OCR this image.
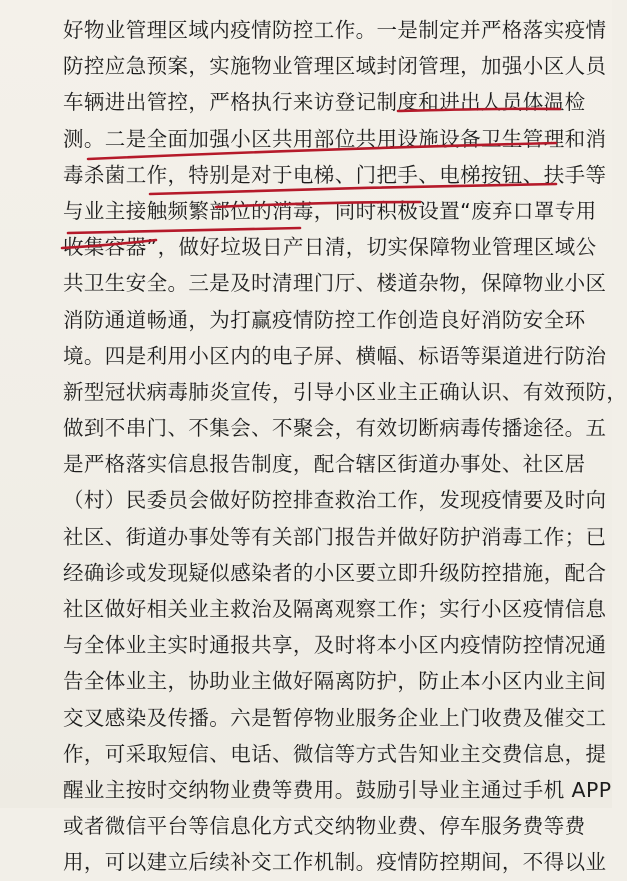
好物业管理区域内疫情防控工作。一是制定并严格落实疫情
防控应急预案，实施物业管理区域封闭管理，加强小区人员
车辆进出管控，严格执行来访登记制度和进出人员体温检
测。二是全面加强小区共用部位共用设施设备卫生管理和消
毒杀菌工作，特别是对于电梯、门把手、电梯按钮、扶手等
与业主接触频繁部位的消毒，同时积极设置“废弃口罩专用
收集容器”，做好垃圾日产日清，切实保障物业管理区域公
共卫生安全。三是及时清理门厅、楼道杂物，保障物业小区
消防通道畅通，为打赢疫情防控工作创造良好消防安全环
境。四是利用小区内的电子屏、横幅、标语等渠道进行防治
新型冠状病毒肺炎宣传，引导小区业主正确认识、有效预防，
做到不串门、不集会、不聚会，有效切断病毒传播途径。五
是严格落实信息报告制度，配合辖区街道办事处、社区居
（村）民委员会做好防控排查救治工作，发现疫情要及时向
社区、街道办事处等有关部门报告并做好防护消毒工作；已
经确诊或发现疑似感染者的小区要立即升级防控措施，配合
社区做好相关业主救治及隔离观察工作；实行小区疫情信息
与全体业主实时通报共享，及时将本小区内疫情防控情况通
告全体业主，协助业主做好隔离防护，防止本小区内业主间
交叉感染及传播。六是暂停物业服务企业上门收费及催交工
作，可采取短信、电话、微信等方式告知业主交费信息，提
醒业主按时交纳物业费等费用。鼓励引导业主通过手机 APP
或者微信平台等信息化方式交纳物业费、停车服务费等费
用，可以建立后续补交工作机制。疫情防控期间，不得以业
